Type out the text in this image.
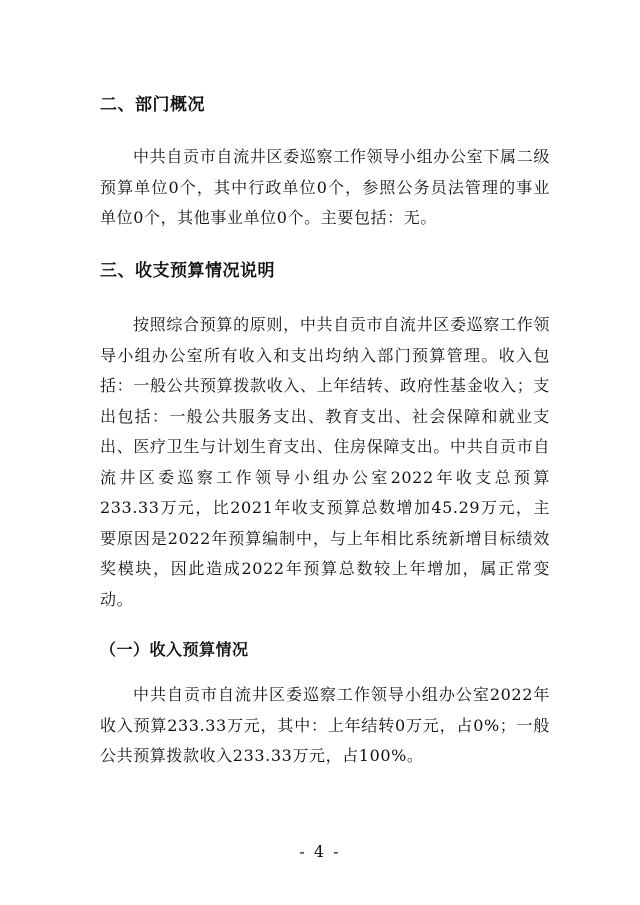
二、部门概况

中共自贡市自流井区委巡察工作领导小组办公室下属二级预算单位0个，其中行政单位0个，参照公务员法管理的事业单位0个，其他事业单位0个。主要包括：无。

三、收支预算情况说明

按照综合预算的原则，中共自贡市自流井区委巡察工作领导小组办公室所有收入和支出均纳入部门预算管理。收入包括：一般公共预算拨款收入、上年结转、政府性基金收入；支出包括：一般公共服务支出、教育支出、社会保障和就业支出、医疗卫生与计划生育支出、住房保障支出。中共自贡市自流井区委巡察工作领导小组办公室2022年收支总预算233.33万元，比2021年收支预算总数增加45.29万元，主要原因是2022年预算编制中，与上年相比系统新增目标绩效奖模块，因此造成2022年预算总数较上年增加，属正常变动。

（一）收入预算情况

中共自贡市自流井区委巡察工作领导小组办公室2022年收入预算233.33万元，其中：上年结转0万元，占0%；一般公共预算拨款收入233.33万元，占100%。

- 4 -
